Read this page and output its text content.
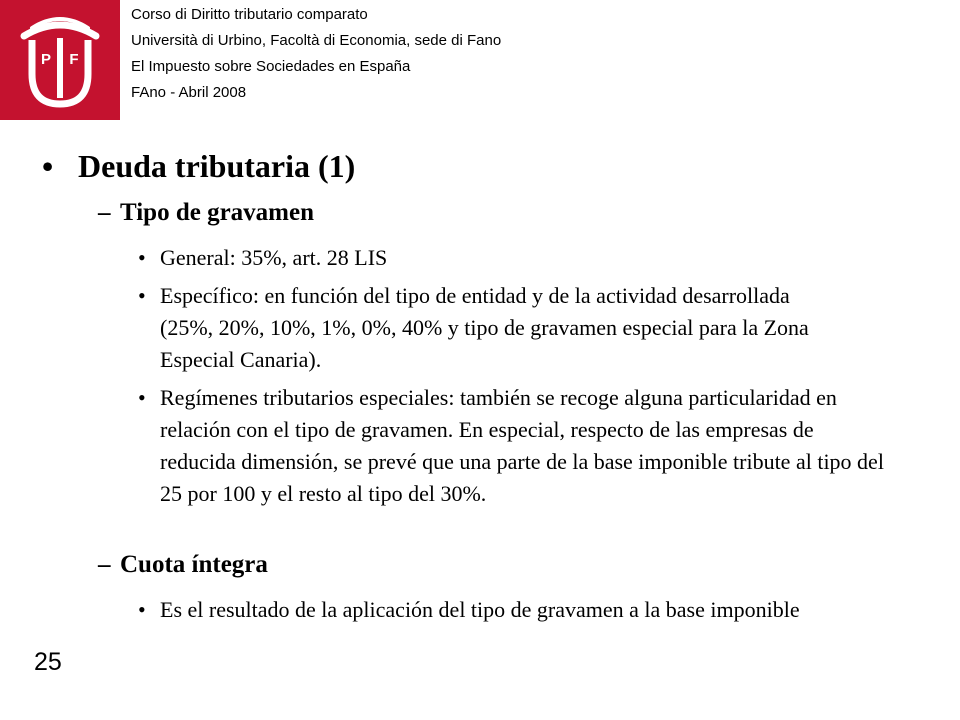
P F
Corso di Diritto tributario comparato
Università di Urbino, Facoltà di Economia, sede di Fano
El Impuesto sobre Sociedades en España
FAno - Abril 2008
• Deuda tributaria (1)
– Tipo de gravamen
• General: 35%, art. 28 LIS
• Específico: en función del tipo de entidad y de la actividad desarrollada (25%, 20%, 10%, 1%, 0%, 40% y tipo de gravamen especial para la Zona Especial Canaria).
• Regímenes tributarios especiales: también se recoge alguna particularidad en relación con el tipo de gravamen. En especial, respecto de las empresas de reducida dimensión, se prevé que una parte de la base imponible tribute al tipo del 25 por 100 y el resto al tipo del 30%.
– Cuota íntegra
• Es el resultado de la aplicación del tipo de gravamen a la base imponible
25
